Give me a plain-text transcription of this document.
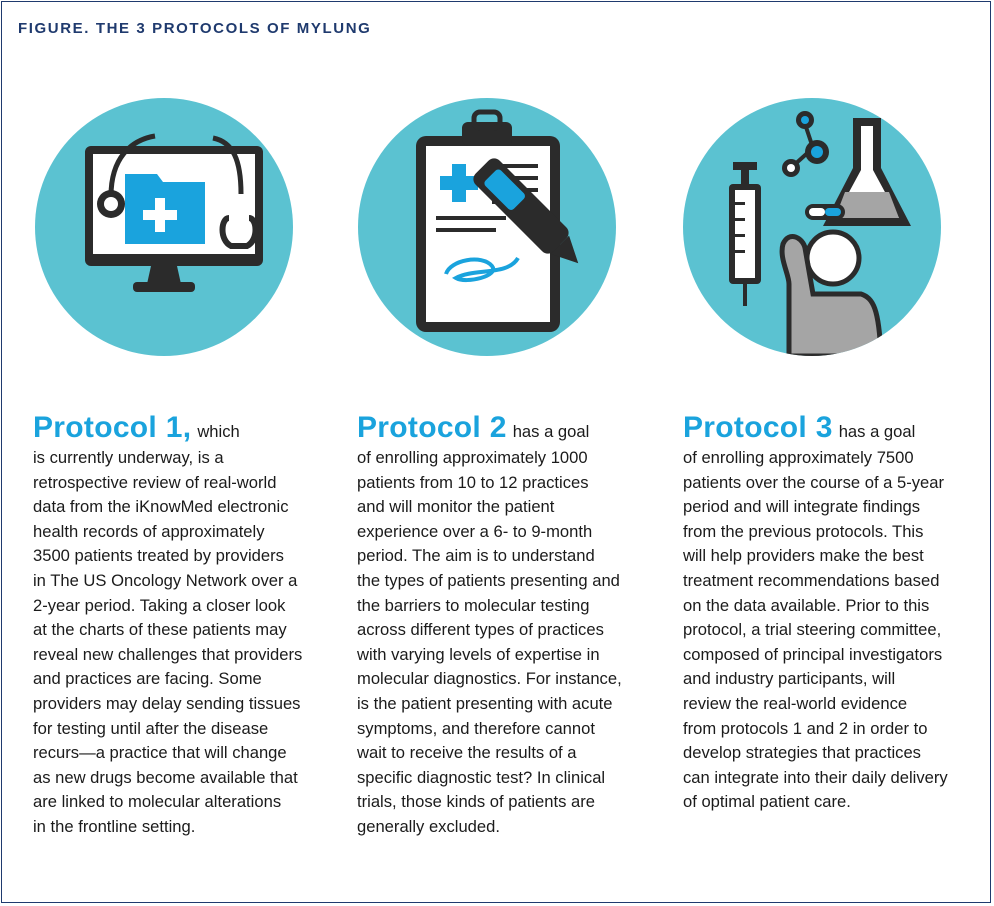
FIGURE. THE 3 PROTOCOLS OF MYLUNG
Protocol 1, which
is currently underway, is a
retrospective review of real-world
data from the iKnowMed electronic
health records of approximately
3500 patients treated by providers
in The US Oncology Network over a
2-year period. Taking a closer look
at the charts of these patients may
reveal new challenges that providers
and practices are facing. Some
providers may delay sending tissues
for testing until after the disease
recurs—a practice that will change
as new drugs become available that
are linked to molecular alterations
in the frontline setting.
Protocol 2 has a goal
of enrolling approximately 1000
patients from 10 to 12 practices
and will monitor the patient
experience over a 6- to 9-month
period. The aim is to understand
the types of patients presenting and
the barriers to molecular testing
across different types of practices
with varying levels of expertise in
molecular diagnostics. For instance,
is the patient presenting with acute
symptoms, and therefore cannot
wait to receive the results of a
specific diagnostic test? In clinical
trials, those kinds of patients are
generally excluded.
Protocol 3 has a goal
of enrolling approximately 7500
patients over the course of a 5-year
period and will integrate findings
from the previous protocols. This
will help providers make the best
treatment recommendations based
on the data available. Prior to this
protocol, a trial steering committee,
composed of principal investigators
and industry participants, will
review the real-world evidence
from protocols 1 and 2 in order to
develop strategies that practices
can integrate into their daily delivery
of optimal patient care.
